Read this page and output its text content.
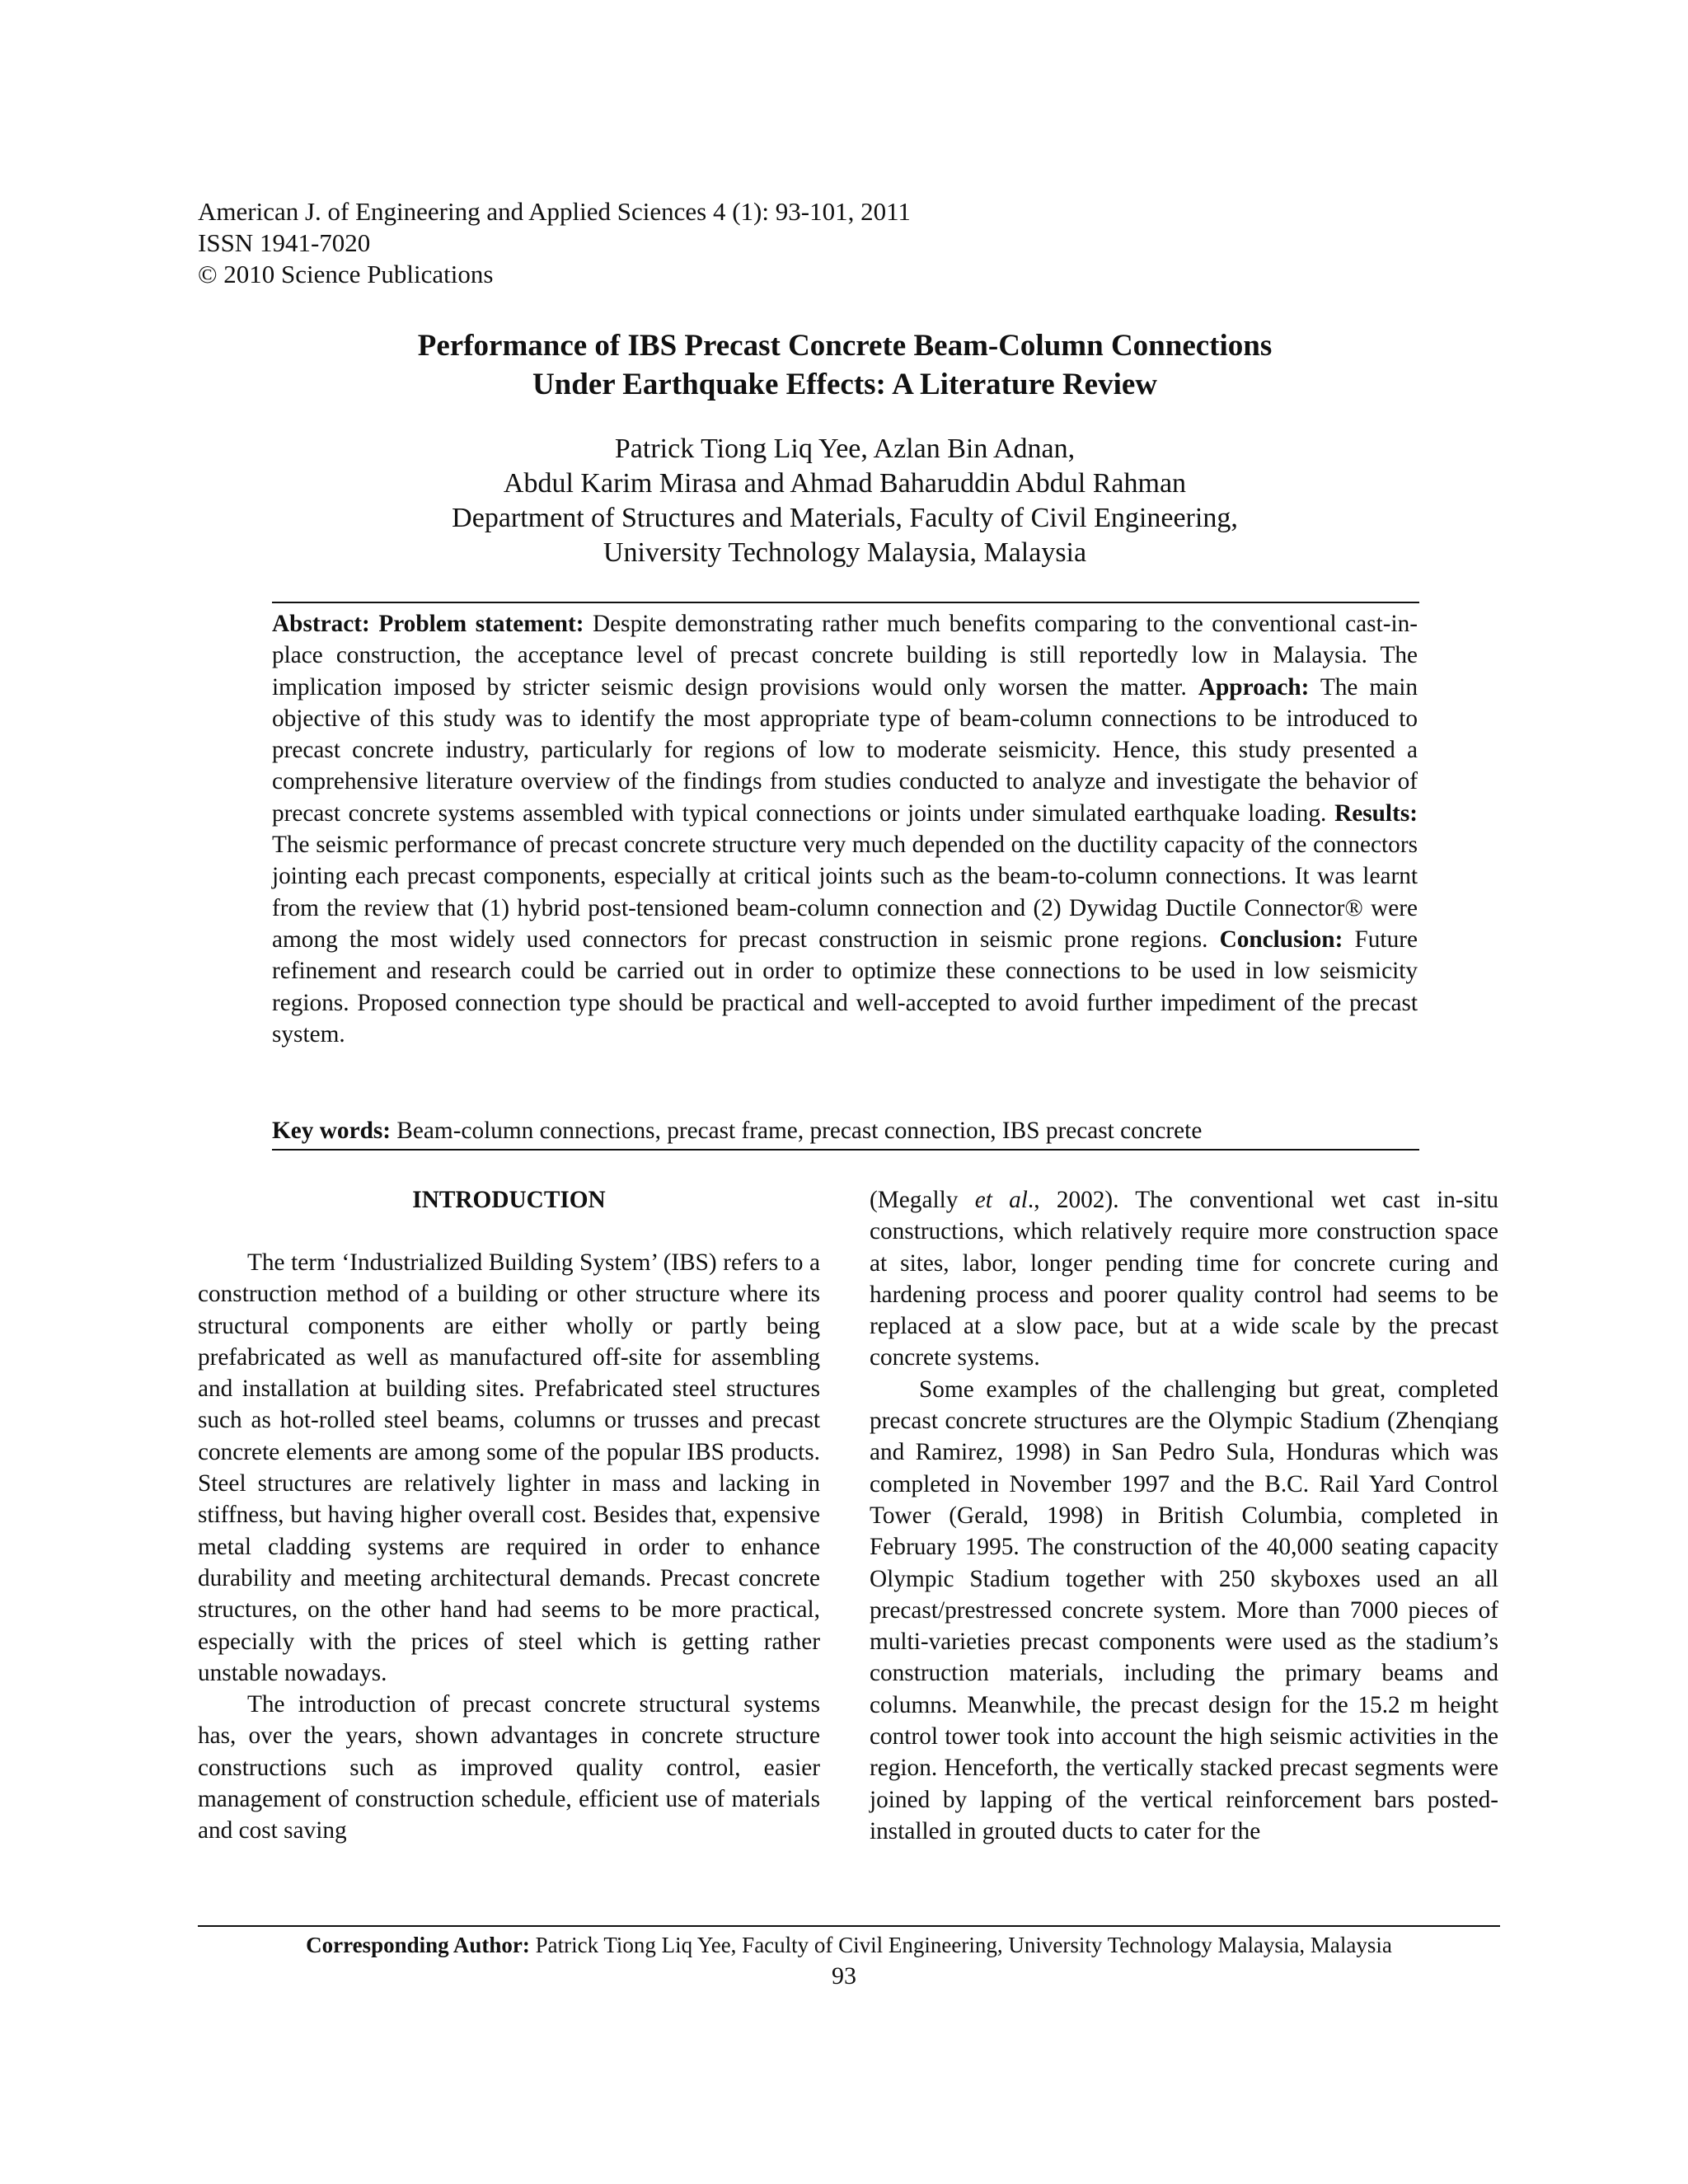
American J. of Engineering and Applied Sciences 4 (1): 93-101, 2011
ISSN 1941-7020
© 2010 Science Publications
Performance of IBS Precast Concrete Beam-Column Connections
Under Earthquake Effects: A Literature Review
Patrick Tiong Liq Yee, Azlan Bin Adnan,
Abdul Karim Mirasa and Ahmad Baharuddin Abdul Rahman
Department of Structures and Materials, Faculty of Civil Engineering,
University Technology Malaysia, Malaysia
Abstract: Problem statement: Despite demonstrating rather much benefits comparing to the conventional cast-in-place construction, the acceptance level of precast concrete building is still reportedly low in Malaysia. The implication imposed by stricter seismic design provisions would only worsen the matter. Approach: The main objective of this study was to identify the most appropriate type of beam-column connections to be introduced to precast concrete industry, particularly for regions of low to moderate seismicity. Hence, this study presented a comprehensive literature overview of the findings from studies conducted to analyze and investigate the behavior of precast concrete systems assembled with typical connections or joints under simulated earthquake loading. Results: The seismic performance of precast concrete structure very much depended on the ductility capacity of the connectors jointing each precast components, especially at critical joints such as the beam-to-column connections. It was learnt from the review that (1) hybrid post-tensioned beam-column connection and (2) Dywidag Ductile Connector® were among the most widely used connectors for precast construction in seismic prone regions. Conclusion: Future refinement and research could be carried out in order to optimize these connections to be used in low seismicity regions. Proposed connection type should be practical and well-accepted to avoid further impediment of the precast system.
Key words: Beam-column connections, precast frame, precast connection, IBS precast concrete
INTRODUCTION

The term ‘Industrialized Building System’ (IBS) refers to a construction method of a building or other structure where its structural components are either wholly or partly being prefabricated as well as manufactured off-site for assembling and installation at building sites. Prefabricated steel structures such as hot-rolled steel beams, columns or trusses and precast concrete elements are among some of the popular IBS products. Steel structures are relatively lighter in mass and lacking in stiffness, but having higher overall cost. Besides that, expensive metal cladding systems are required in order to enhance durability and meeting architectural demands. Precast concrete structures, on the other hand had seems to be more practical, especially with the prices of steel which is getting rather unstable nowadays.

The introduction of precast concrete structural systems has, over the years, shown advantages in concrete structure constructions such as improved quality control, easier management of construction schedule, efficient use of materials and cost saving

(Megally et al., 2002). The conventional wet cast in-situ constructions, which relatively require more construction space at sites, labor, longer pending time for concrete curing and hardening process and poorer quality control had seems to be replaced at a slow pace, but at a wide scale by the precast concrete systems.

Some examples of the challenging but great, completed precast concrete structures are the Olympic Stadium (Zhenqiang and Ramirez, 1998) in San Pedro Sula, Honduras which was completed in November 1997 and the B.C. Rail Yard Control Tower (Gerald, 1998) in British Columbia, completed in February 1995. The construction of the 40,000 seating capacity Olympic Stadium together with 250 skyboxes used an all precast/prestressed concrete system. More than 7000 pieces of multi-varieties precast components were used as the stadium’s construction materials, including the primary beams and columns. Meanwhile, the precast design for the 15.2 m height control tower took into account the high seismic activities in the region. Henceforth, the vertically stacked precast segments were joined by lapping of the vertical reinforcement bars posted-installed in grouted ducts to cater for the

Corresponding Author: Patrick Tiong Liq Yee, Faculty of Civil Engineering, University Technology Malaysia, Malaysia
93
